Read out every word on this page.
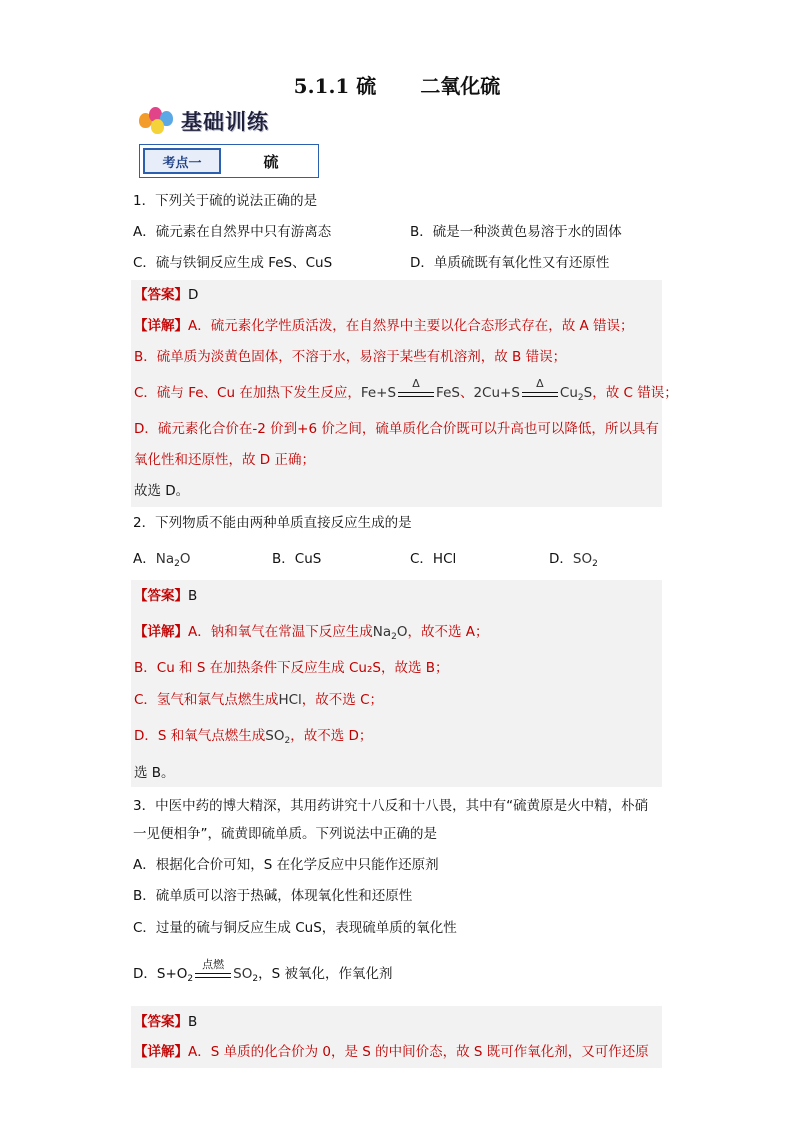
5.1.1 硫 二氧化硫
基础训练
考点一	硫
1．下列关于硫的说法正确的是
A．硫元素在自然界中只有游离态	B．硫是一种淡黄色易溶于水的固体
C．硫与铁铜反应生成 FeS、CuS	D．单质硫既有氧化性又有还原性
【答案】D
【详解】A．硫元素化学性质活泼，在自然界中主要以化合态形式存在，故 A 错误；
B．硫单质为淡黄色固体，不溶于水，易溶于某些有机溶剂，故 B 错误；
C．硫与 Fe、Cu 在加热下发生反应，Fe+S
Δ
FeS、2Cu+S
Δ
$Cu_2S$，故 C 错误；
D．硫元素化合价在-2 价到+6 价之间，硫单质化合价既可以升高也可以降低，所以具有
氧化性和还原性，故 D 正确；
故选 D。
2．下列物质不能由两种单质直接反应生成的是
A．$Na_2O$	B．CuS	C．HCl	D．$SO_2$
【答案】B
【详解】A．钠和氧气在常温下反应生成$Na_2O$，故不选 A；
B．Cu 和 S 在加热条件下反应生成 Cu₂S，故选 B；
C．氢气和氯气点燃生成HCl，故不选 C；
D．S 和氧气点燃生成$SO_2$，故不选 D；
选 B。
3．中医中药的博大精深，其用药讲究十八反和十八畏，其中有“硫黄原是火中精，朴硝
一见便相争”，硫黄即硫单质。下列说法中正确的是
A．根据化合价可知，S 在化学反应中只能作还原剂
B．硫单质可以溶于热碱，体现氧化性和还原性
C．过量的硫与铜反应生成 CuS，表现硫单质的氧化性
D．$S+O_2$
点燃
$SO_2$，S 被氧化，作氧化剂
【答案】B
【详解】A．S 单质的化合价为 0，是 S 的中间价态，故 S 既可作氧化剂，又可作还原
